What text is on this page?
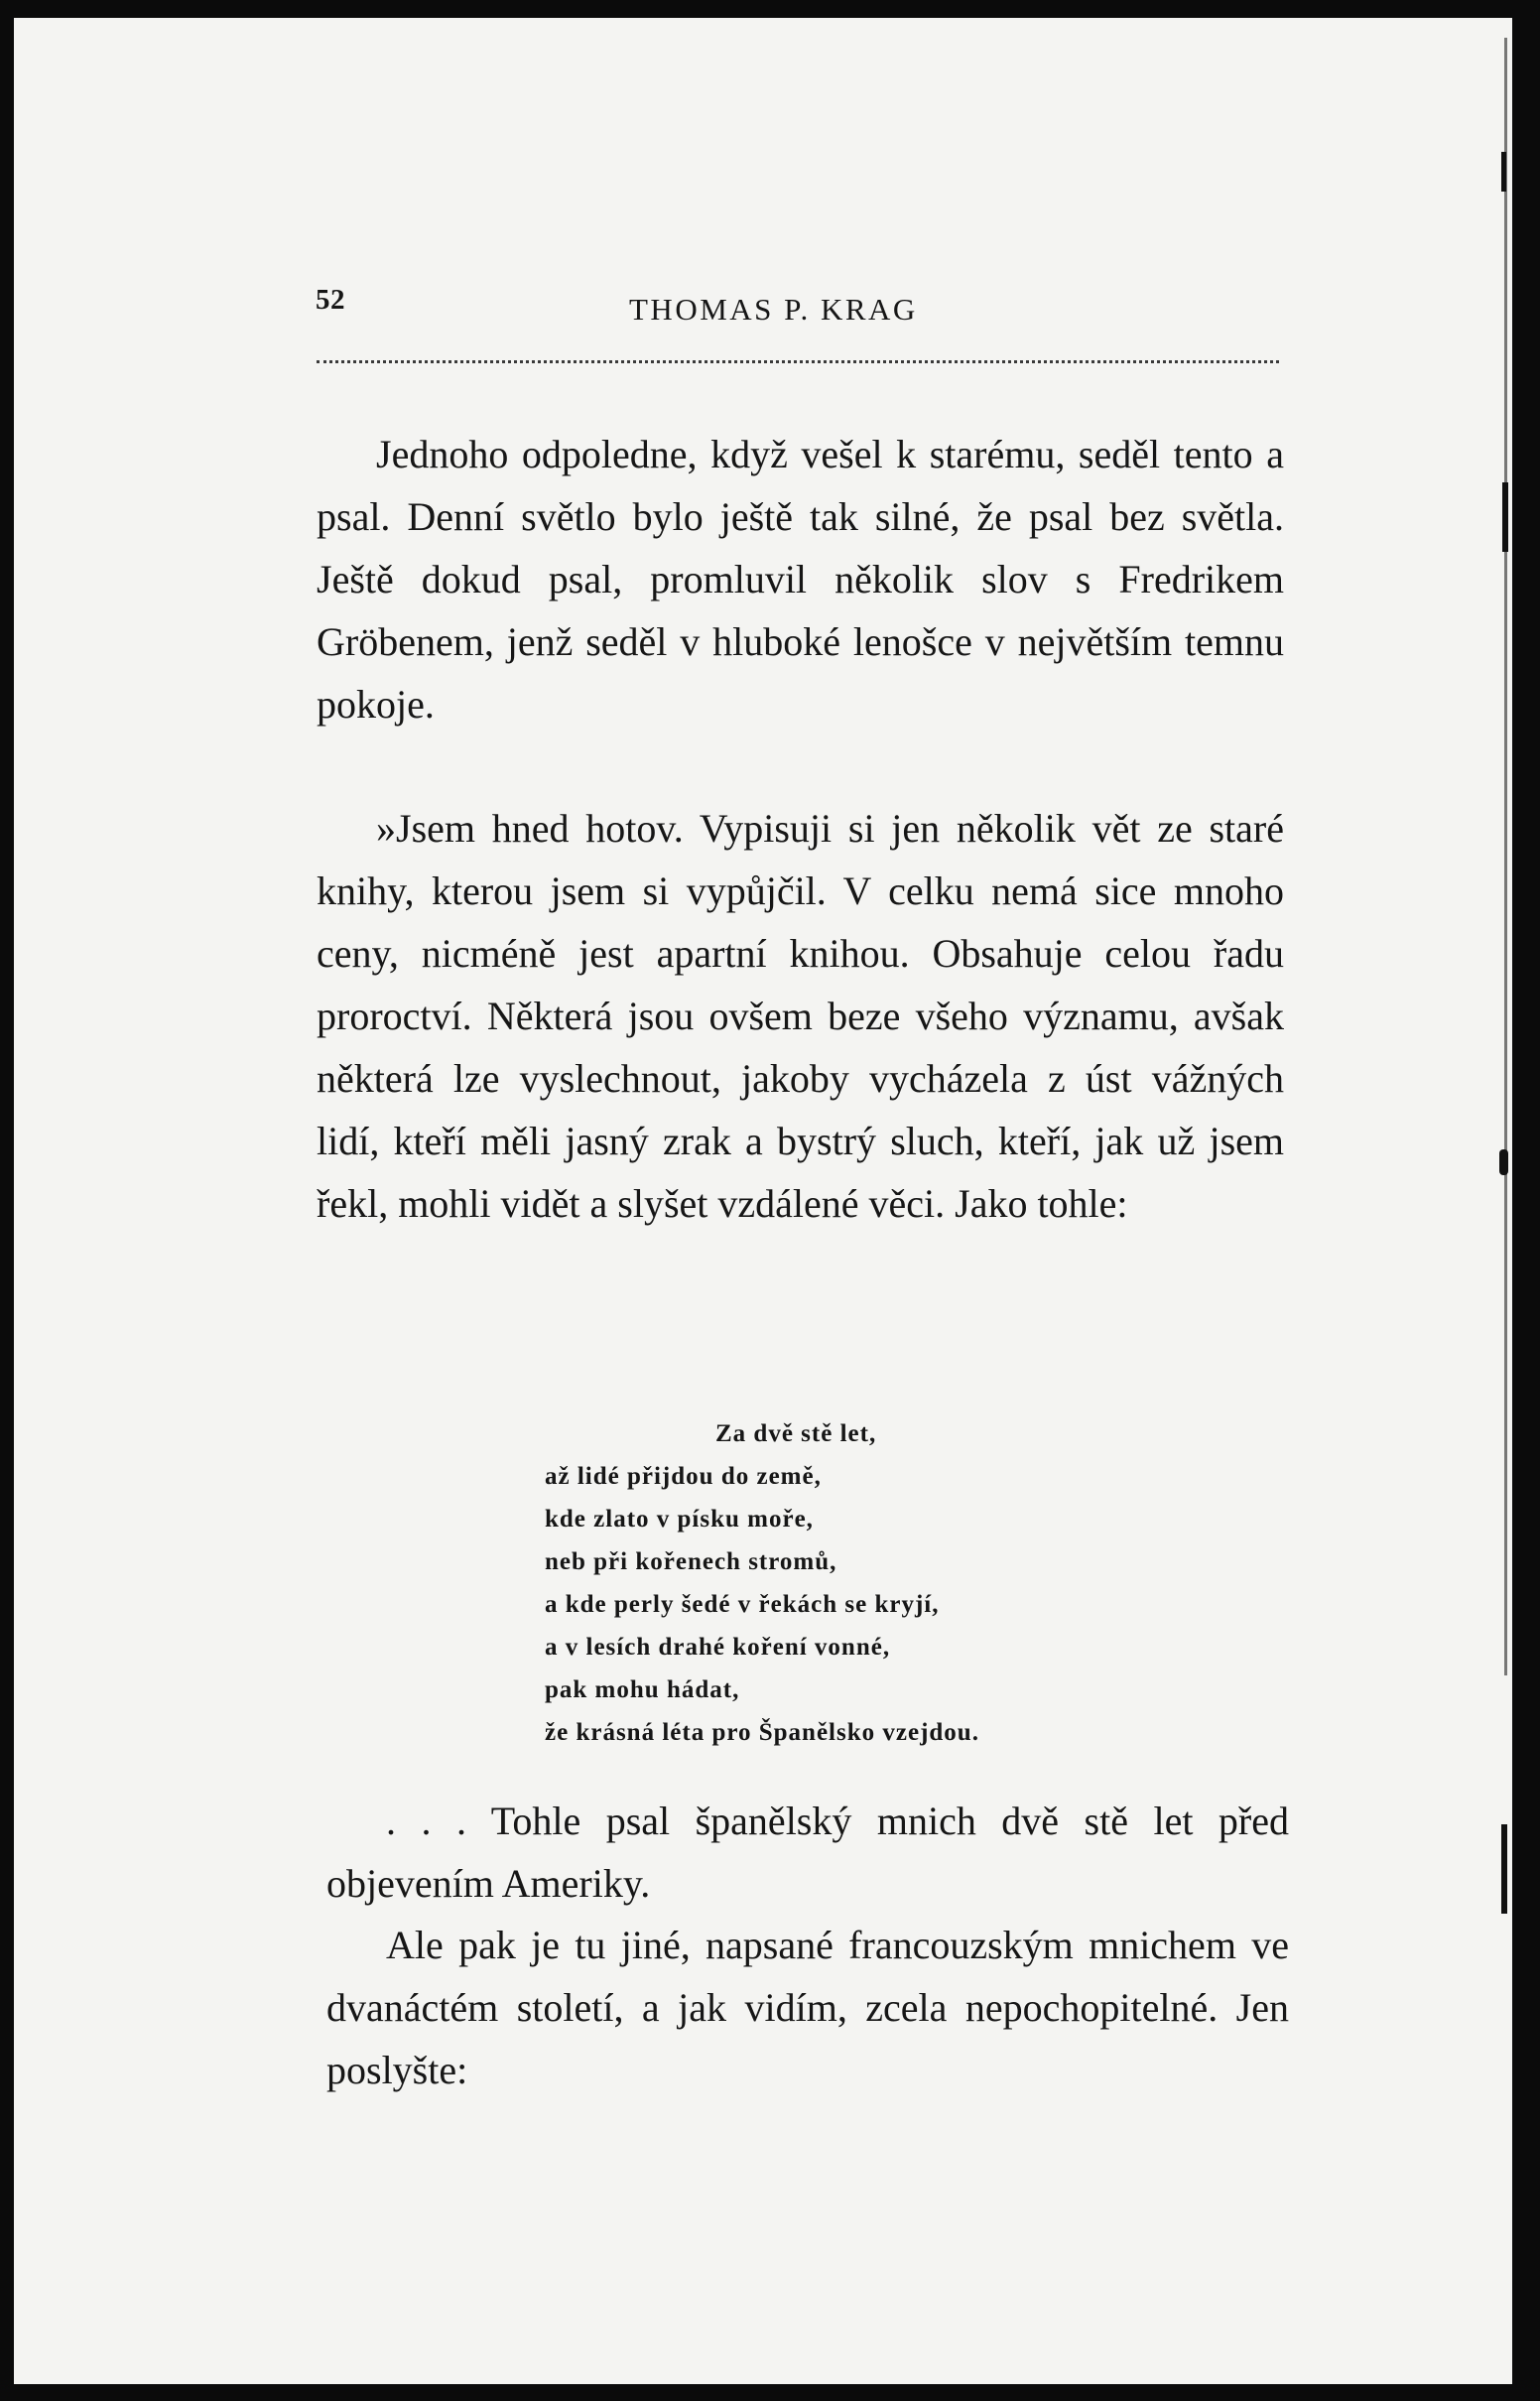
52	THOMAS P. KRAG

Jednoho odpoledne, když vešel k starému, seděl tento a psal. Denní světlo bylo ještě tak silné, že psal bez světla. Ještě dokud psal, promluvil několik slov s Fredrikem Gröbenem, jenž seděl v hluboké lenošce v největším temnu pokoje.

»Jsem hned hotov. Vypisuji si jen několik vět ze staré knihy, kterou jsem si vypůjčil. V celku nemá sice mnoho ceny, nicméně jest apartní knihou. Obsahuje celou řadu proroctví. Některá jsou ovšem beze všeho významu, avšak některá lze vyslechnout, jakoby vycházela z úst vážných lidí, kteří měli jasný zrak a bystrý sluch, kteří, jak už jsem řekl, mohli vidět a slyšet vzdálené věci. Jako tohle:

Za dvě stě let,
až lidé přijdou do země,
kde zlato v písku moře,
neb při kořenech stromů,
a kde perly šedé v řekách se kryjí,
a v lesích drahé koření vonné,
pak mohu hádat,
že krásná léta pro Španělsko vzejdou.

. . . Tohle psal španělský mnich dvě stě let před objevením Ameriky.

Ale pak je tu jiné, napsané francouzským mnichem ve dvanáctém století, a jak vidím, zcela nepochopitelné. Jen poslyšte:
